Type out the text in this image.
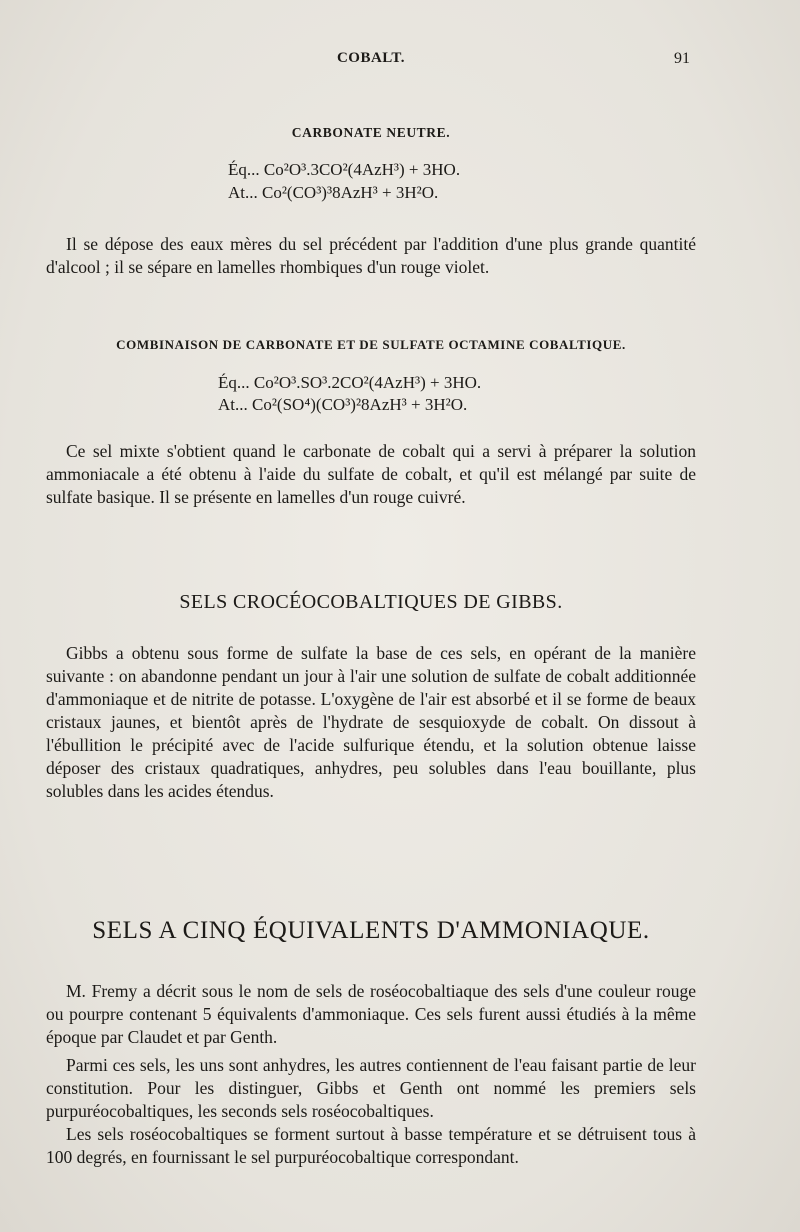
COBALT.	91
CARBONATE NEUTRE.
Éq... Co²O³.3CO²(4AzH³) + 3HO.
At... Co²(CO³)³8AzH³ + 3H²O.

Il se dépose des eaux mères du sel précédent par l'addition d'une plus grande quantité d'alcool ; il se sépare en lamelles rhombiques d'un rouge violet.

COMBINAISON DE CARBONATE ET DE SULFATE OCTAMINE COBALTIQUE.
Éq... Co²O³.SO³.2CO²(4AzH³) + 3HO.
At... Co²(SO⁴)(CO³)²8AzH³ + 3H²O.

Ce sel mixte s'obtient quand le carbonate de cobalt qui a servi à préparer la solution ammoniacale a été obtenu à l'aide du sulfate de cobalt, et qu'il est mélangé par suite de sulfate basique. Il se présente en lamelles d'un rouge cuivré.

SELS CROCÉOCOBALTIQUES DE GIBBS.

Gibbs a obtenu sous forme de sulfate la base de ces sels, en opérant de la manière suivante : on abandonne pendant un jour à l'air une solution de sulfate de cobalt additionnée d'ammoniaque et de nitrite de potasse. L'oxygène de l'air est absorbé et il se forme de beaux cristaux jaunes, et bientôt après de l'hydrate de sesquioxyde de cobalt. On dissout à l'ébullition le précipité avec de l'acide sulfurique étendu, et la solution obtenue laisse déposer des cristaux quadratiques, anhydres, peu solubles dans l'eau bouillante, plus solubles dans les acides étendus.

SELS A CINQ ÉQUIVALENTS D'AMMONIAQUE.

M. Fremy a décrit sous le nom de sels de roséocobaltiaque des sels d'une couleur rouge ou pourpre contenant 5 équivalents d'ammoniaque. Ces sels furent aussi étudiés à la même époque par Claudet et par Genth.

Parmi ces sels, les uns sont anhydres, les autres contiennent de l'eau faisant partie de leur constitution. Pour les distinguer, Gibbs et Genth ont nommé les premiers sels purpuréocobaltiques, les seconds sels roséocobaltiques.

Les sels roséocobaltiques se forment surtout à basse température et se détruisent tous à 100 degrés, en fournissant le sel purpuréocobaltique correspondant.
